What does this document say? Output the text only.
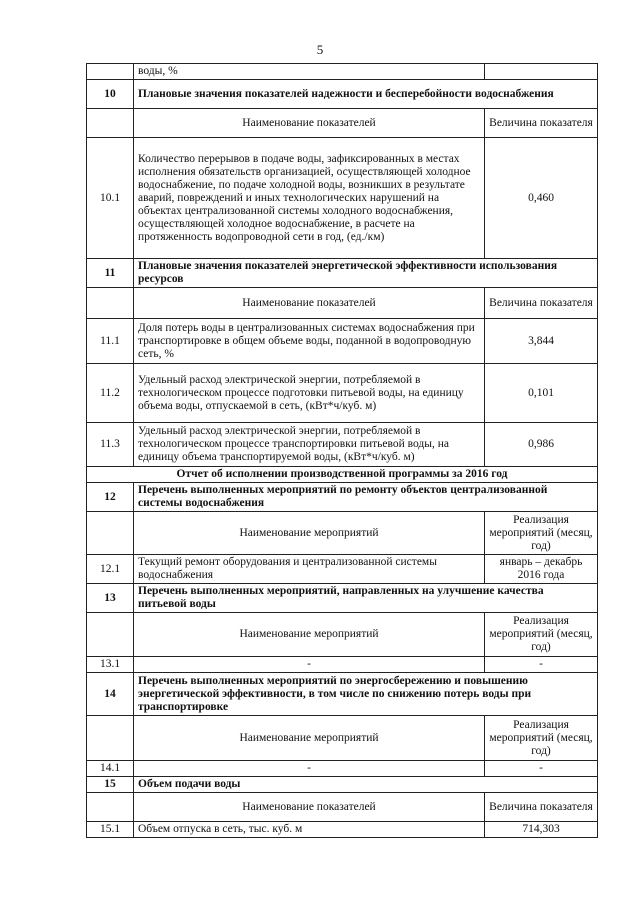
5
	воды, %	
10	Плановые значения показателей надежности и бесперебойности водоснабжения	
	Наименование показателей	Величина показателя
10.1	Количество перерывов в подаче воды, зафиксированных в местах исполнения обязательств организацией, осуществляющей холодное водоснабжение, по подаче холодной воды, возникших в результате аварий, повреждений и иных технологических нарушений на объектах централизованной системы холодного водоснабжения, осуществляющей холодное водоснабжение, в расчете на протяженность водопроводной сети в год, (ед./км)	0,460
11	Плановые значения показателей энергетической эффективности использования ресурсов	
	Наименование показателей	Величина показателя
11.1	Доля потерь воды в централизованных системах водоснабжения при транспортировке в общем объеме воды, поданной в водопроводную сеть, %	3,844
11.2	Удельный расход электрической энергии, потребляемой в технологическом процессе подготовки питьевой воды, на единицу объема воды, отпускаемой в сеть, (кВт*ч/куб. м)	0,101
11.3	Удельный расход электрической энергии, потребляемой в технологическом процессе транспортировки питьевой воды, на единицу объема транспортируемой воды, (кВт*ч/куб. м)	0,986
Отчет об исполнении производственной программы за 2016 год		
12	Перечень выполненных мероприятий по ремонту объектов централизованной системы водоснабжения	
	Наименование мероприятий	Реализация мероприятий (месяц, год)
12.1	Текущий ремонт оборудования и централизованной системы водоснабжения	январь – декабрь 2016 года
13	Перечень выполненных мероприятий, направленных на улучшение качества питьевой воды	
	Наименование мероприятий	Реализация мероприятий (месяц, год)
13.1	-	-
14	Перечень выполненных мероприятий по энергосбережению и повышению энергетической эффективности, в том числе по снижению потерь воды при транспортировке	
	Наименование мероприятий	Реализация мероприятий (месяц, год)
14.1	-	-
15	Объем подачи воды	
	Наименование показателей	Величина показателя
15.1	Объем отпуска в сеть, тыс. куб. м	714,303
